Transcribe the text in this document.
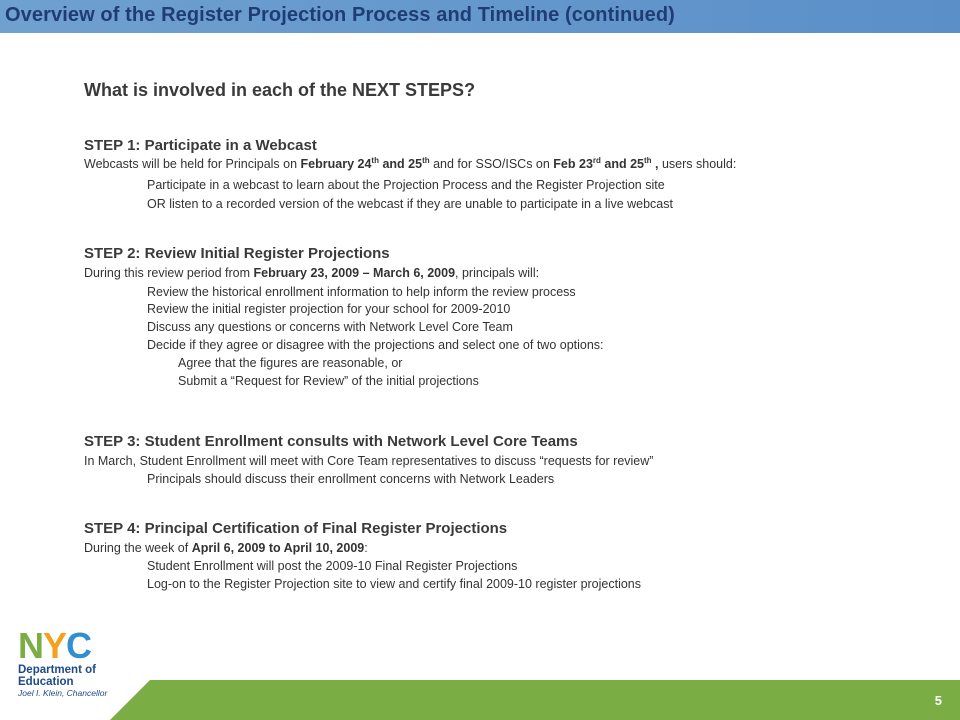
Overview of the Register Projection Process and Timeline (continued)
What is involved in each of the NEXT STEPS?
STEP 1: Participate in a Webcast
Webcasts will be held for Principals on February 24th and 25th and for SSO/ISCs on Feb 23rd and 25th , users should:
Participate in a webcast to learn about the Projection Process and the Register Projection site
OR listen to a recorded version of the webcast if they are unable to participate in a live webcast
STEP 2: Review Initial Register Projections
During this review period from February 23, 2009 – March 6, 2009, principals will:
Review the historical enrollment information to help inform the review process
Review the initial register projection for your school for 2009-2010
Discuss any questions or concerns with Network Level Core Team
Decide if they agree or disagree with the projections and select one of two options:
Agree that the figures are reasonable, or
Submit a “Request for Review” of the initial projections
STEP 3: Student Enrollment consults with Network Level Core Teams
In March, Student Enrollment will meet with Core Team representatives to discuss “requests for review”
Principals should discuss their enrollment concerns with Network Leaders
STEP 4: Principal Certification of Final Register Projections
During the week of April 6, 2009 to April 10, 2009:
Student Enrollment will post the 2009-10 Final Register Projections
Log-on to the Register Projection site to view and certify final 2009-10 register projections
5
NYC
Department of
Education
Joel I. Klein, Chancellor
